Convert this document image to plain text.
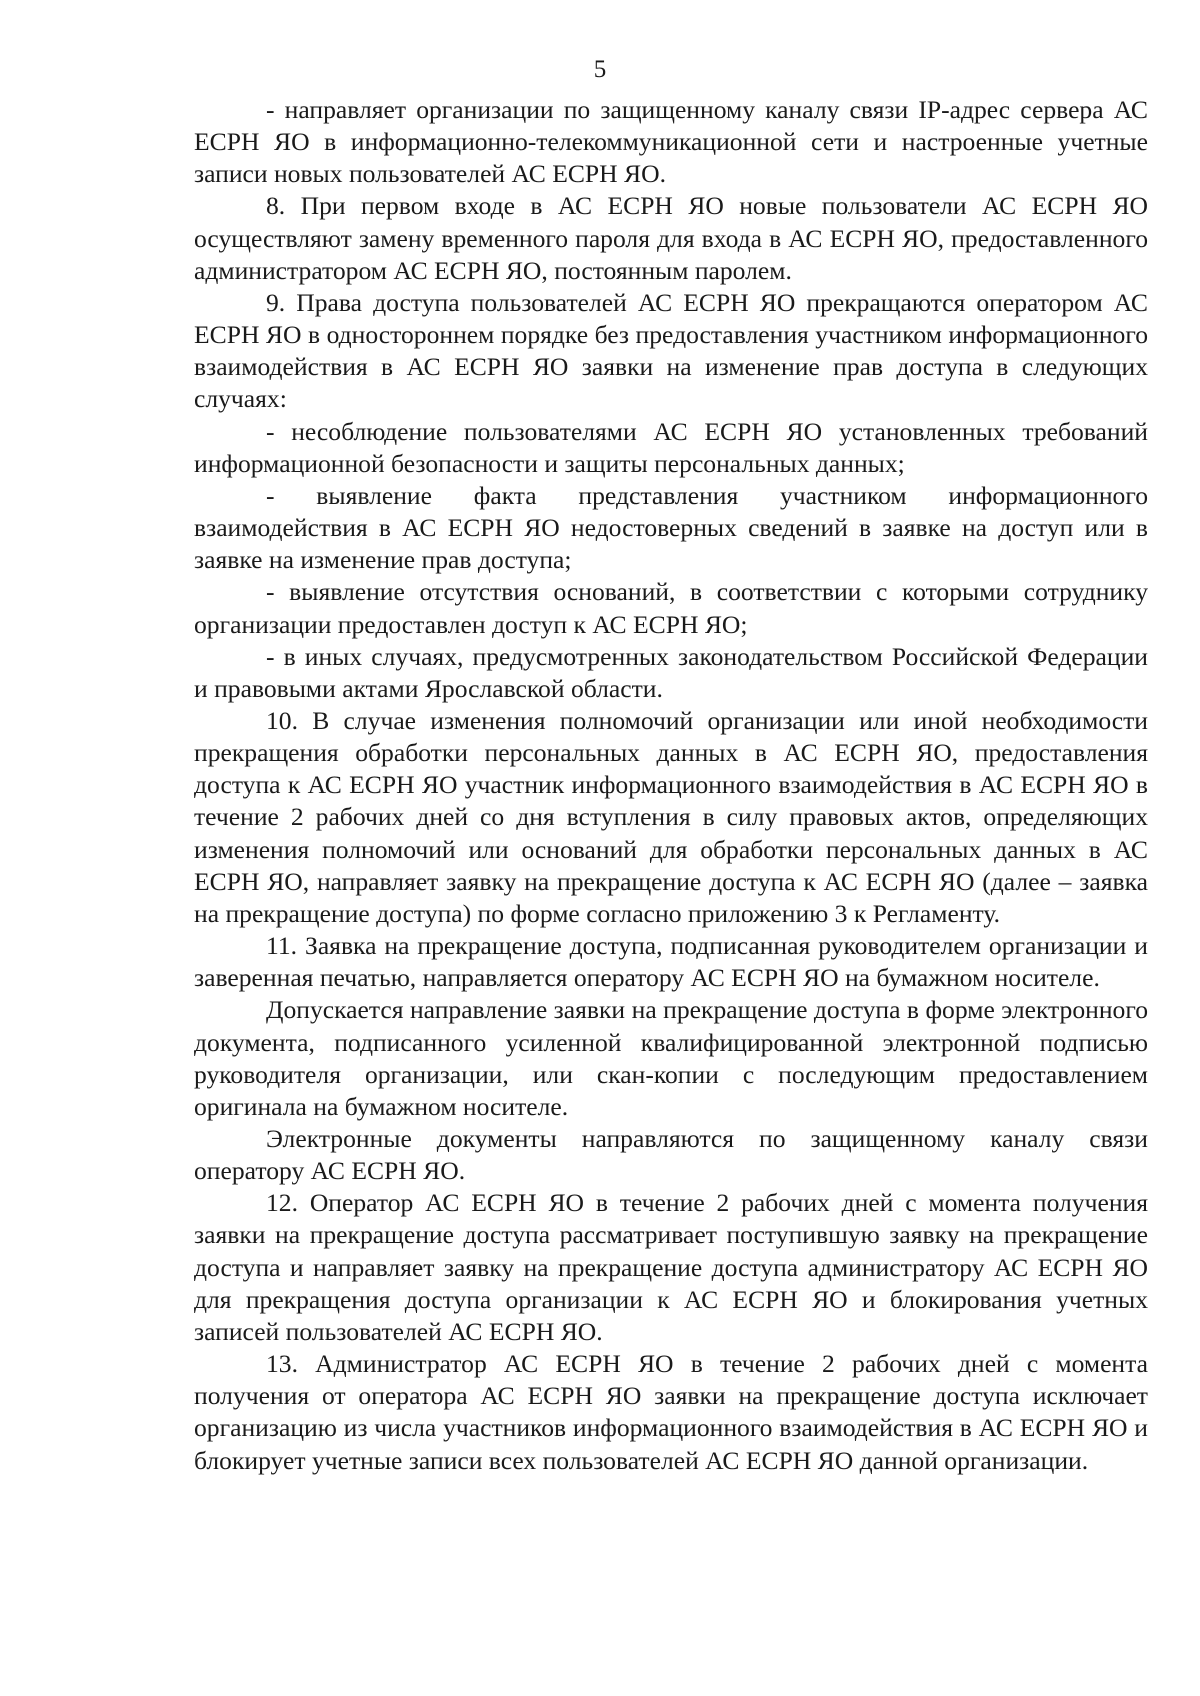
5

- направляет организации по защищенному каналу связи IP-адрес сервера АС ЕСРН ЯО в информационно-телекоммуникационной сети и настроенные учетные записи новых пользователей АС ЕСРН ЯО.

8. При первом входе в АС ЕСРН ЯО новые пользователи АС ЕСРН ЯО осуществляют замену временного пароля для входа в АС ЕСРН ЯО, предоставленного администратором АС ЕСРН ЯО, постоянным паролем.

9. Права доступа пользователей АС ЕСРН ЯО прекращаются оператором АС ЕСРН ЯО в одностороннем порядке без предоставления участником информационного взаимодействия в АС ЕСРН ЯО заявки на изменение прав доступа в следующих случаях:

- несоблюдение пользователями АС ЕСРН ЯО установленных требований информационной безопасности и защиты персональных данных;

- выявление факта представления участником информационного взаимодействия в АС ЕСРН ЯО недостоверных сведений в заявке на доступ или в заявке на изменение прав доступа;

- выявление отсутствия оснований, в соответствии с которыми сотруднику организации предоставлен доступ к АС ЕСРН ЯО;

- в иных случаях, предусмотренных законодательством Российской Федерации и правовыми актами Ярославской области.

10. В случае изменения полномочий организации или иной необходимости прекращения обработки персональных данных в АС ЕСРН ЯО, предоставления доступа к АС ЕСРН ЯО участник информационного взаимодействия в АС ЕСРН ЯО в течение 2 рабочих дней со дня вступления в силу правовых актов, определяющих изменения полномочий или оснований для обработки персональных данных в АС ЕСРН ЯО, направляет заявку на прекращение доступа к АС ЕСРН ЯО (далее – заявка на прекращение доступа) по форме согласно приложению 3 к Регламенту.

11. Заявка на прекращение доступа, подписанная руководителем организации и заверенная печатью, направляется оператору АС ЕСРН ЯО на бумажном носителе.

Допускается направление заявки на прекращение доступа в форме электронного документа, подписанного усиленной квалифицированной электронной подписью руководителя организации, или скан-копии с последующим предоставлением оригинала на бумажном носителе.

Электронные документы направляются по защищенному каналу связи оператору АС ЕСРН ЯО.

12. Оператор АС ЕСРН ЯО в течение 2 рабочих дней с момента получения заявки на прекращение доступа рассматривает поступившую заявку на прекращение доступа и направляет заявку на прекращение доступа администратору АС ЕСРН ЯО для прекращения доступа организации к АС ЕСРН ЯО и блокирования учетных записей пользователей АС ЕСРН ЯО.

13. Администратор АС ЕСРН ЯО в течение 2 рабочих дней с момента получения от оператора АС ЕСРН ЯО заявки на прекращение доступа исключает организацию из числа участников информационного взаимодействия в АС ЕСРН ЯО и блокирует учетные записи всех пользователей АС ЕСРН ЯО данной организации.
